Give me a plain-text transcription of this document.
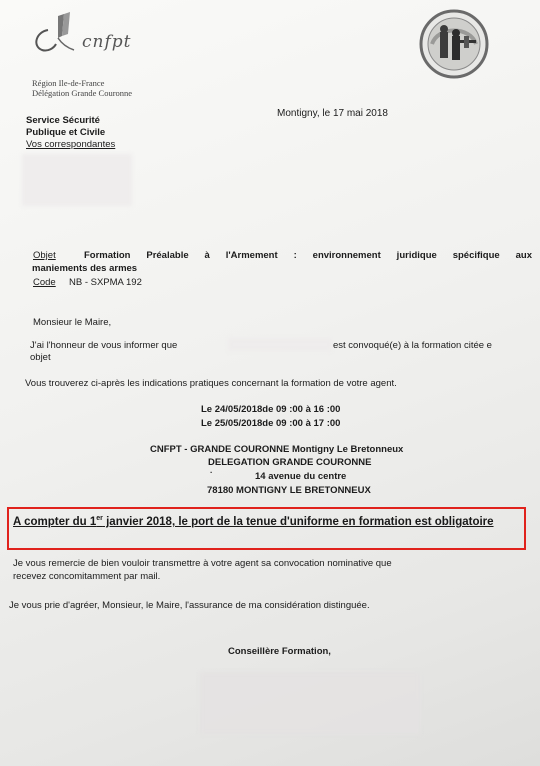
cnfpt
Région Ile-de-France
Délégation Grande Couronne
Montigny, le 17 mai 2018
Service Sécurité
Publique et Civile
Vos correspondantes
Objet	Formation Préalable à l'Armement : environnement juridique spécifique aux
maniements des armes
Code NB - SXPMA 192
Monsieur le Maire,
J'ai l'honneur de vous informer que	est convoqué(e) à la formation citée e
objet
Vous trouverez ci-après les indications pratiques concernant la formation de votre agent.
Le 24/05/2018de 09 :00 à 16 :00
Le 25/05/2018de 09 :00 à 17 :00
CNFPT - GRANDE COURONNE Montigny Le Bretonneux
DELEGATION GRANDE COURONNE
·	14 avenue du centre
78180 MONTIGNY LE BRETONNEUX
A compter du 1er janvier 2018, le port de la tenue d'uniforme en formation est obligatoire
Je vous remercie de bien vouloir transmettre à votre agent sa convocation nominative que
recevez concomitamment par mail.
Je vous prie d'agréer, Monsieur, le Maire, l'assurance de ma considération distinguée.
Conseillère Formation,
